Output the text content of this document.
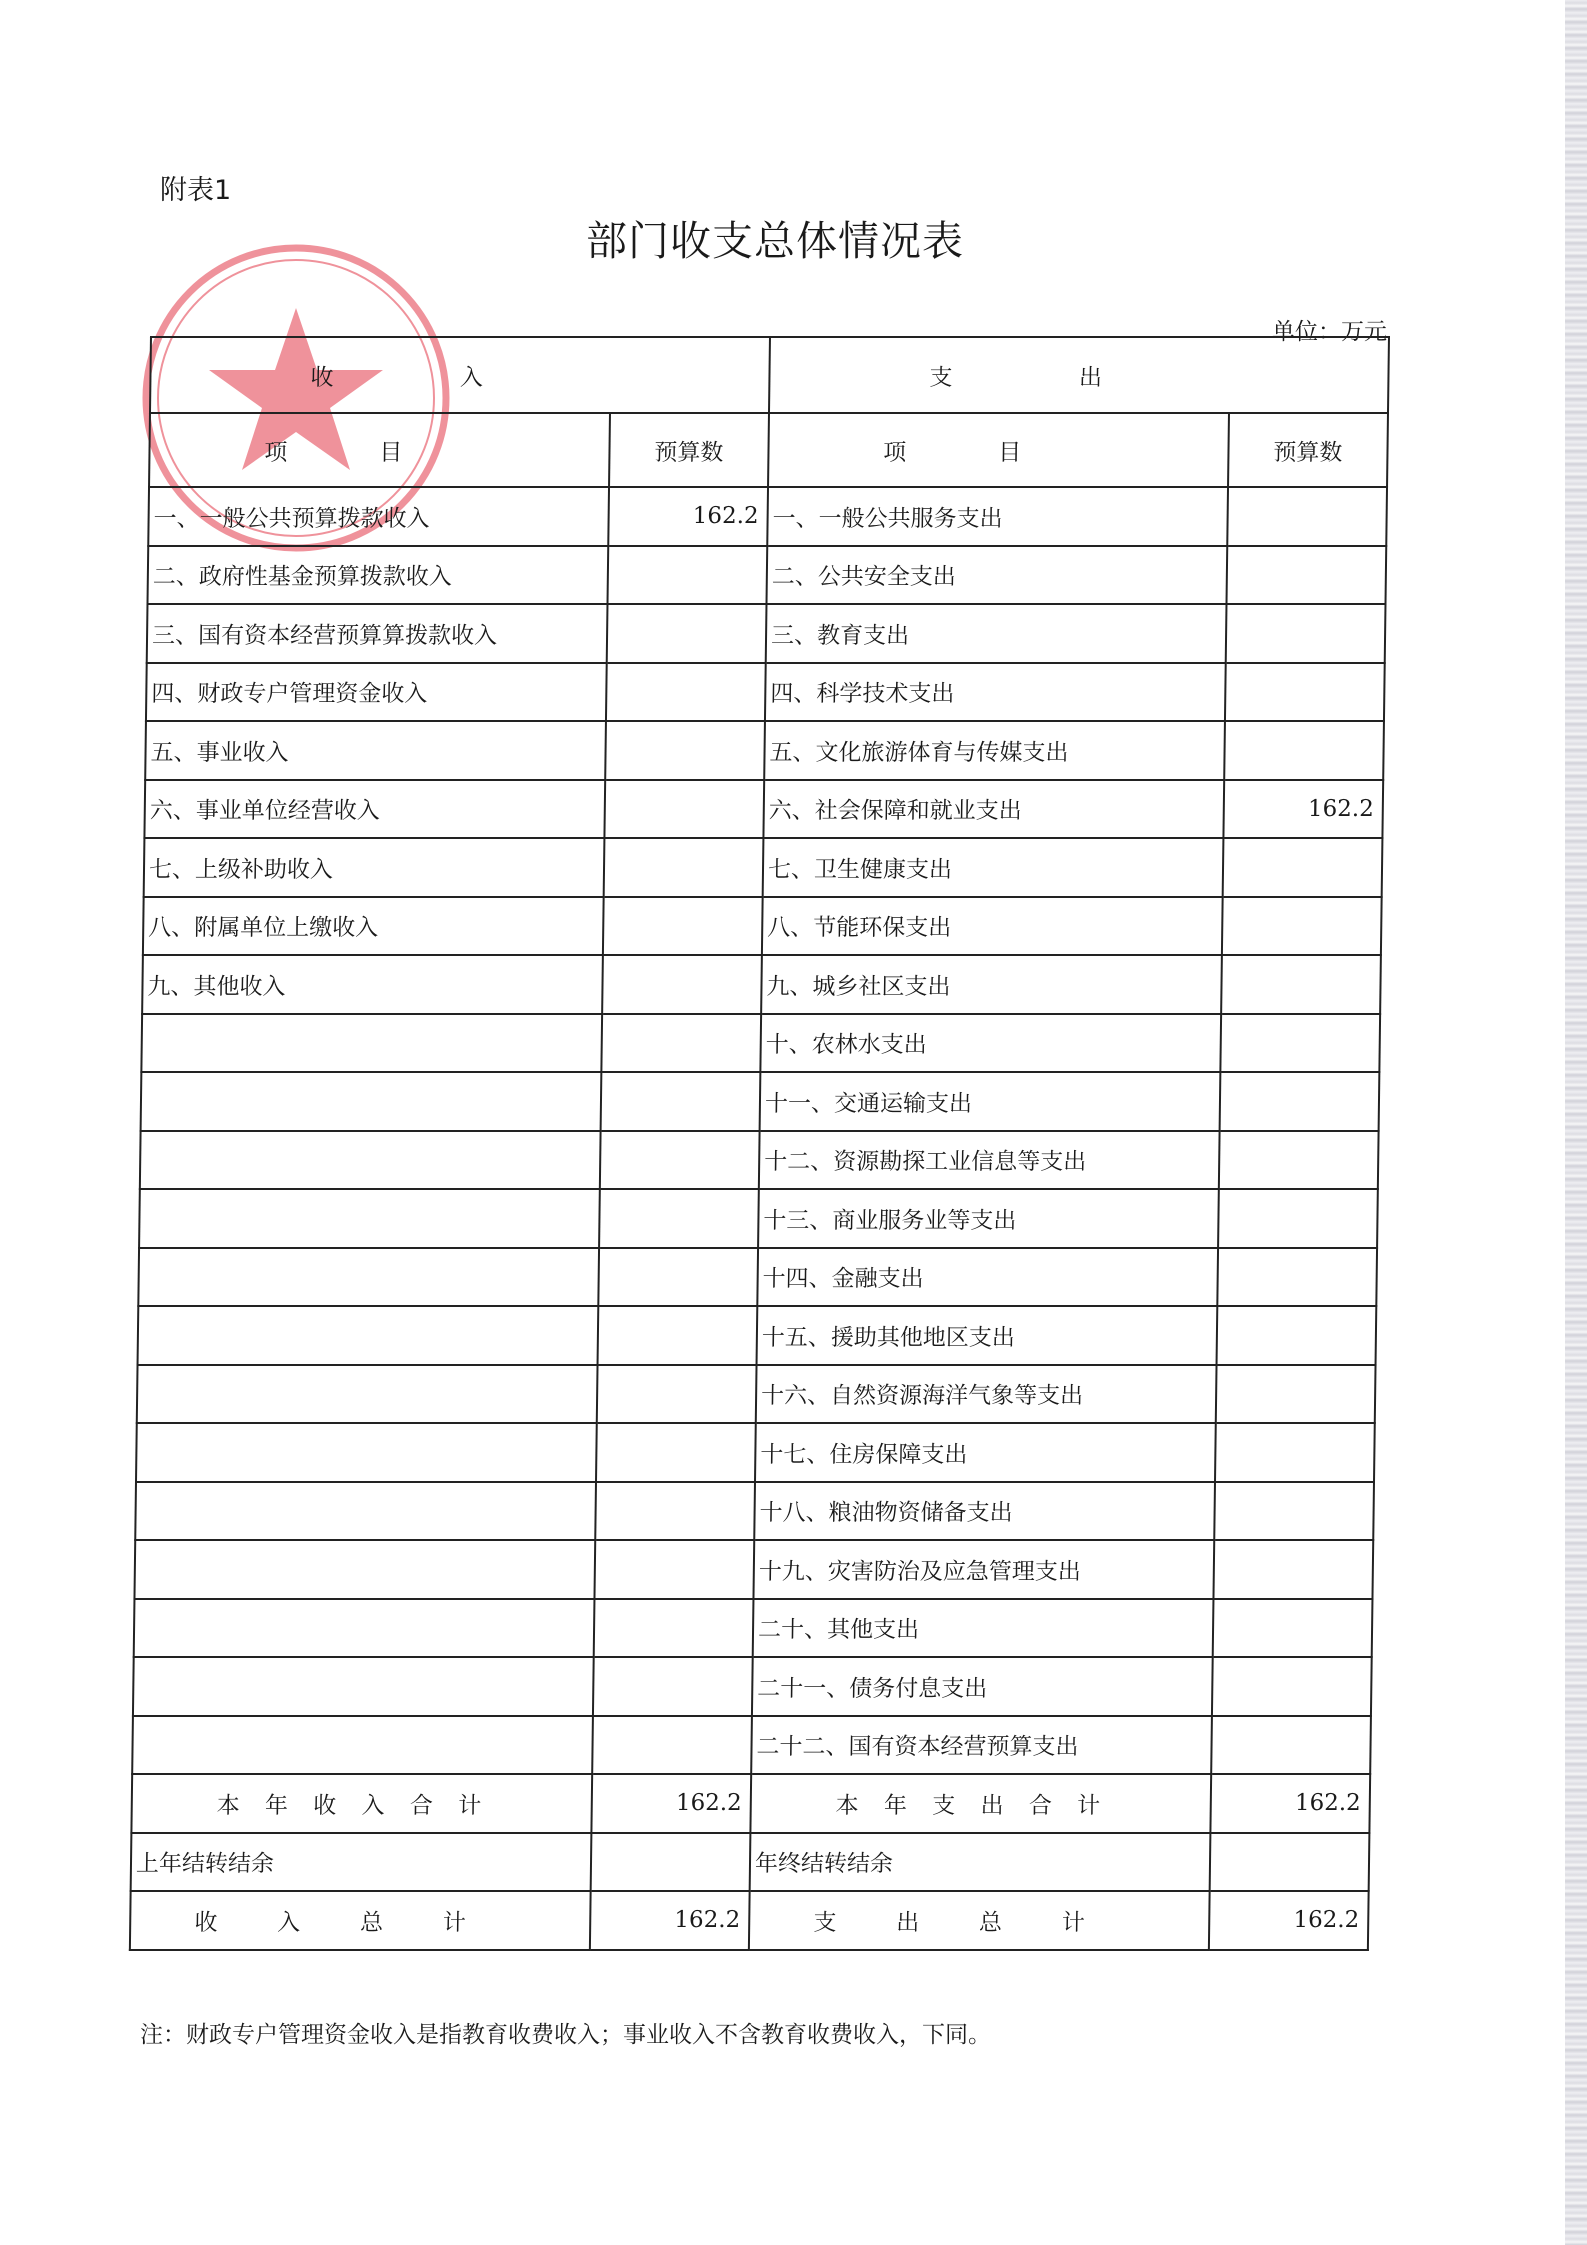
附表1
部门收支总体情况表
单位：万元
收入		支出	
项目	预算数	项目	预算数
一、一般公共预算拨款收入	162.2	一、一般公共服务支出	
二、政府性基金预算拨款收入		二、公共安全支出	
三、国有资本经营预算算拨款收入		三、教育支出	
四、财政专户管理资金收入		四、科学技术支出	
五、事业收入		五、文化旅游体育与传媒支出	
六、事业单位经营收入		六、社会保障和就业支出	162.2
七、上级补助收入		七、卫生健康支出	
八、附属单位上缴收入		八、节能环保支出	
九、其他收入		九、城乡社区支出	
		十、农林水支出	
		十一、交通运输支出	
		十二、资源勘探工业信息等支出	
		十三、商业服务业等支出	
		十四、金融支出	
		十五、援助其他地区支出	
		十六、自然资源海洋气象等支出	
		十七、住房保障支出	
		十八、粮油物资储备支出	
		十九、灾害防治及应急管理支出	
		二十、其他支出	
		二十一、债务付息支出	
		二十二、国有资本经营预算支出	
本年收入合计	162.2	本年支出合计	162.2
上年结转结余		年终结转结余	
收入总计	162.2	支出总计	162.2
注：财政专户管理资金收入是指教育收费收入；事业收入不含教育收费收入，下同。
